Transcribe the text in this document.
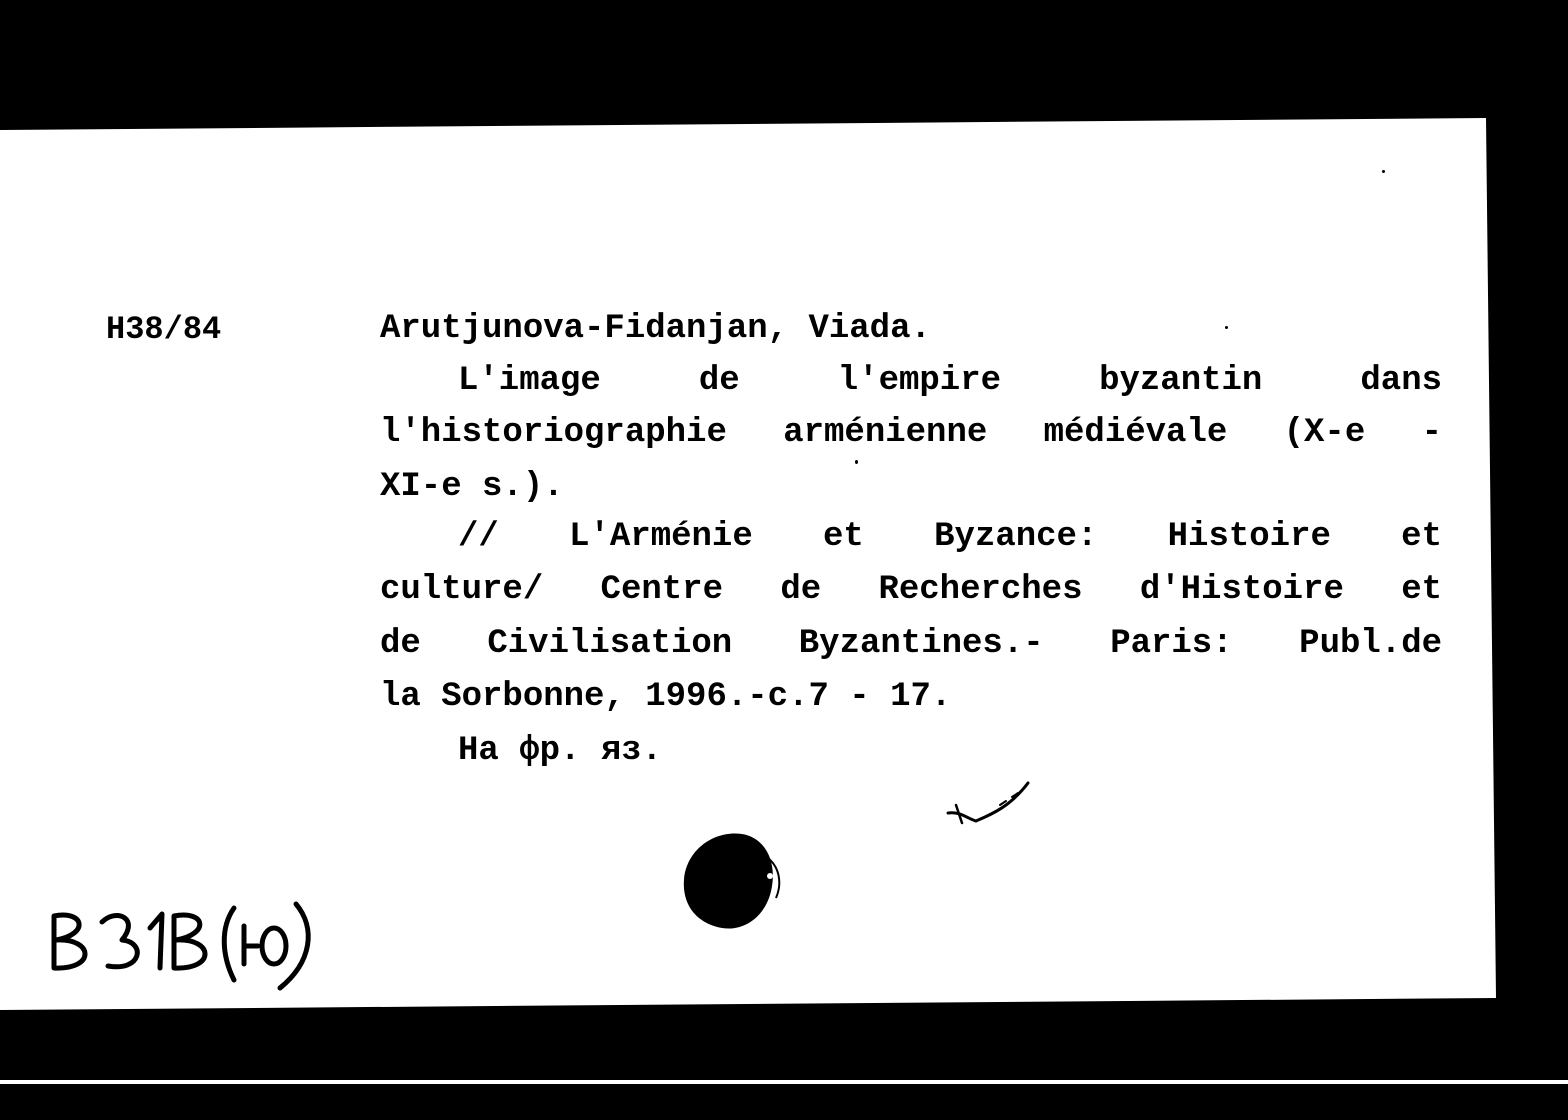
H38/84	Arutjunova-Fidanjan, Viada.

L'image de l'empire byzantin dans

l'historiographie arménienne médiévale (X-e -

XI-e s.).

// L'Arménie et Byzance: Histoire et

culture/ Centre de Recherches d'Histoire et

de Civilisation Byzantines.- Paris: Publ.de

la Sorbonne, 1996.-c.7 - 17.

На фр. яз.
